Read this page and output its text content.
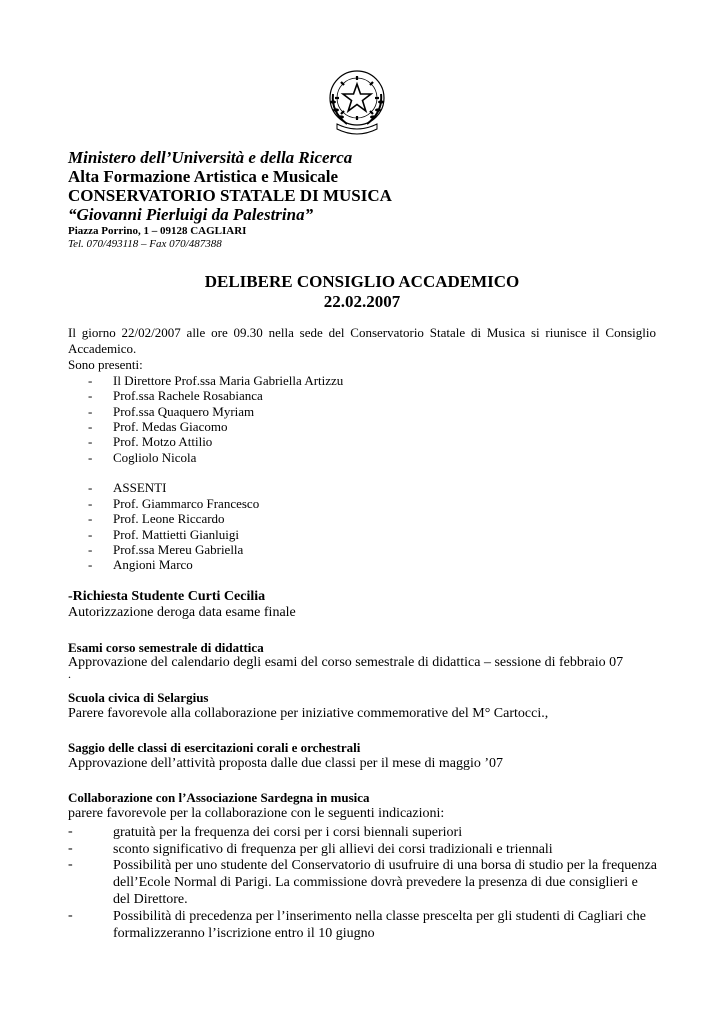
Ministero dell’Università e della Ricerca
Alta Formazione Artistica e Musicale
CONSERVATORIO STATALE DI MUSICA
“Giovanni Pierluigi da Palestrina”
Piazza Porrino, 1 – 09128 CAGLIARI
Tel. 070/493118 – Fax 070/487388
DELIBERE CONSIGLIO ACCADEMICO
22.02.2007
Il giorno 22/02/2007 alle ore 09.30 nella sede del Conservatorio Statale di Musica si riunisce il Consiglio Accademico.
Sono presenti:
- Il Direttore Prof.ssa Maria Gabriella Artizzu
- Prof.ssa Rachele Rosabianca
- Prof.ssa Quaquero Myriam
- Prof. Medas Giacomo
- Prof. Motzo Attilio
- Cogliolo Nicola
- ASSENTI
- Prof. Giammarco Francesco
- Prof. Leone Riccardo
- Prof. Mattietti Gianluigi
- Prof.ssa Mereu Gabriella
- Angioni Marco
-Richiesta Studente Curti Cecilia
Autorizzazione deroga data esame finale
Esami corso semestrale di didattica
Approvazione del calendario degli esami del corso semestrale di didattica – sessione di febbraio 07
.
Scuola civica di Selargius
Parere favorevole alla collaborazione per iniziative commemorative del M° Cartocci.,
Saggio delle classi di esercitazioni corali e orchestrali
Approvazione dell’attività proposta dalle due classi per il mese di maggio ’07
Collaborazione con l’Associazione Sardegna in musica
parere favorevole per la collaborazione con le seguenti indicazioni:
-	gratuità per la frequenza dei corsi per i corsi biennali superiori
-	sconto significativo di frequenza per gli allievi dei corsi tradizionali e triennali
-	Possibilità per uno studente del Conservatorio di usufruire di una borsa di studio per la frequenza dell’Ecole Normal di Parigi. La commissione dovrà prevedere la presenza di due consiglieri e del Direttore.
-	Possibilità di precedenza per l’inserimento nella classe prescelta per gli studenti di Cagliari che formalizzeranno l’iscrizione entro il 10 giugno
